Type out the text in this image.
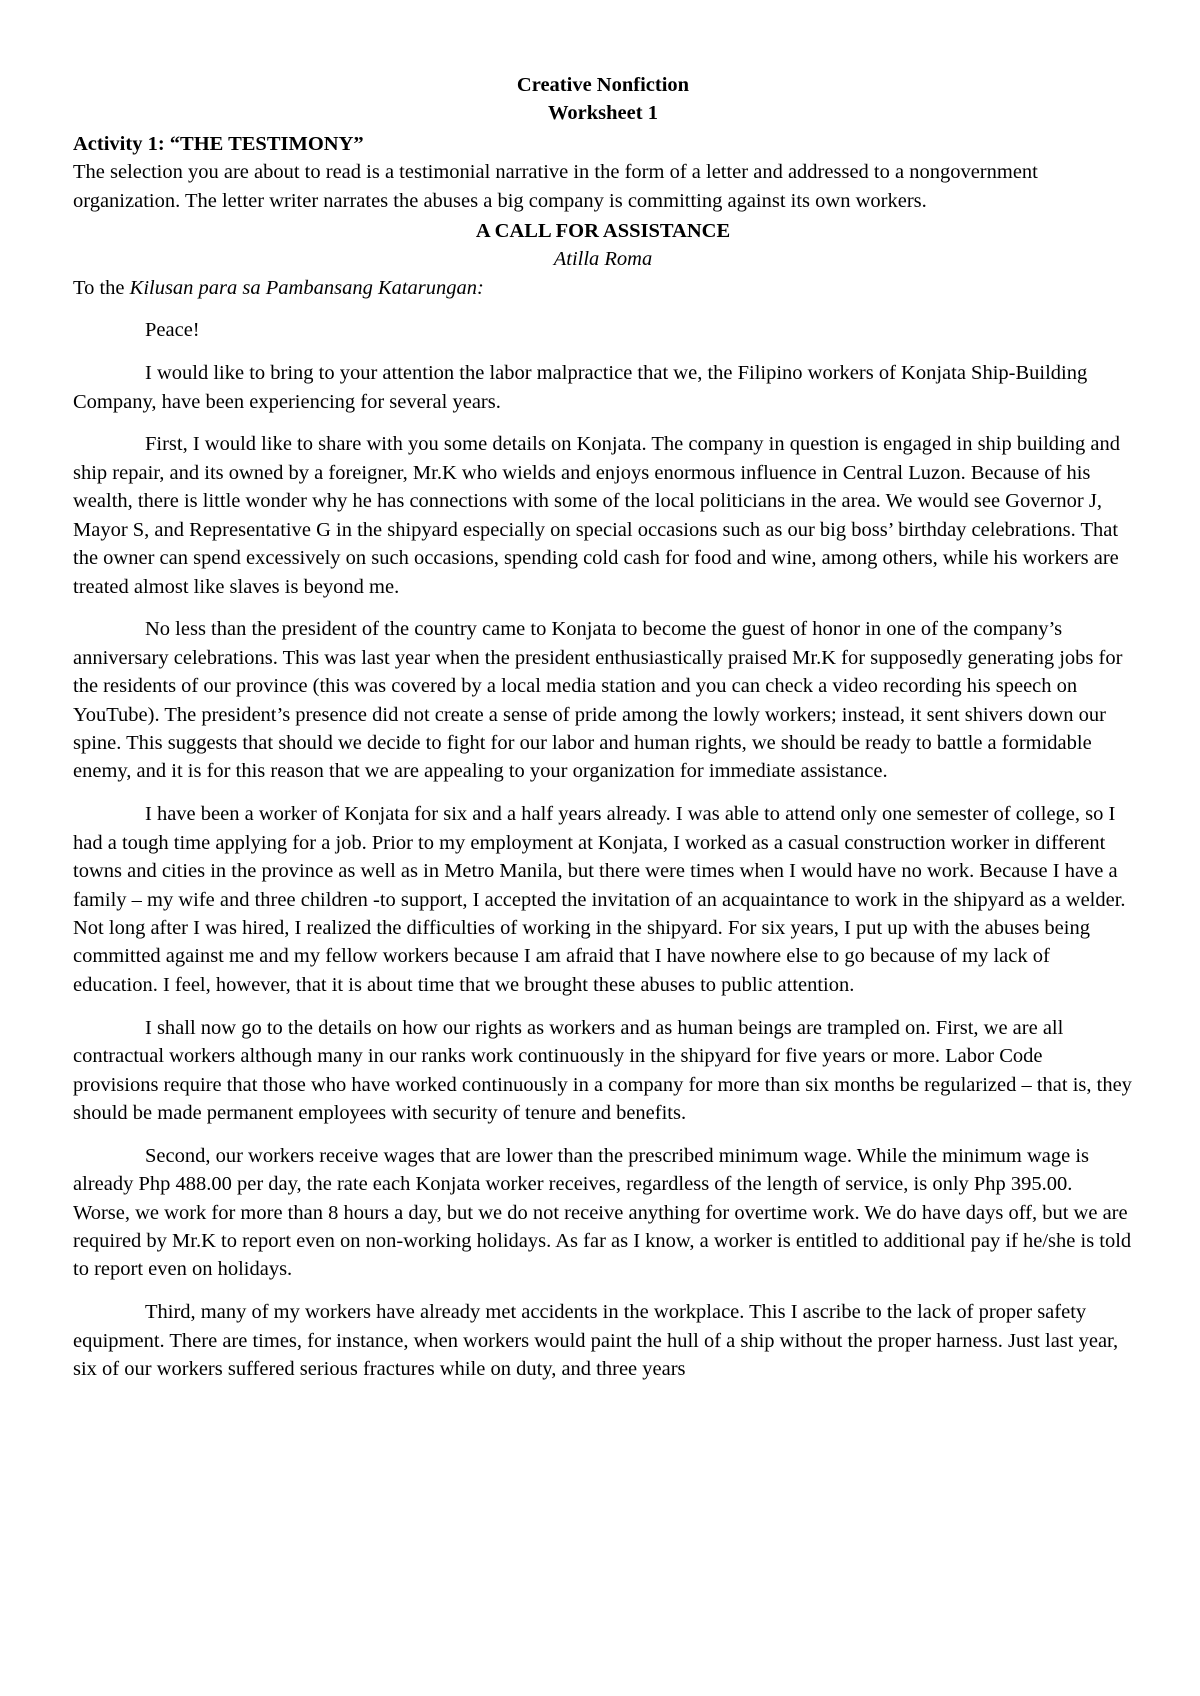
Creative Nonfiction
Worksheet 1
Activity 1: “THE TESTIMONY”

The selection you are about to read is a testimonial narrative in the form of a letter and addressed to a nongovernment organization. The letter writer narrates the abuses a big company is committing against its own workers.

A CALL FOR ASSISTANCE
Atilla Roma

To the Kilusan para sa Pambansang Katarungan:

Peace!

I would like to bring to your attention the labor malpractice that we, the Filipino workers of Konjata Ship-Building Company, have been experiencing for several years.

First, I would like to share with you some details on Konjata. The company in question is engaged in ship building and ship repair, and its owned by a foreigner, Mr.K who wields and enjoys enormous influence in Central Luzon. Because of his wealth, there is little wonder why he has connections with some of the local politicians in the area. We would see Governor J, Mayor S, and Representative G in the shipyard especially on special occasions such as our big boss’ birthday celebrations. That the owner can spend excessively on such occasions, spending cold cash for food and wine, among others, while his workers are treated almost like slaves is beyond me.

No less than the president of the country came to Konjata to become the guest of honor in one of the company’s anniversary celebrations. This was last year when the president enthusiastically praised Mr.K for supposedly generating jobs for the residents of our province (this was covered by a local media station and you can check a video recording his speech on YouTube). The president’s presence did not create a sense of pride among the lowly workers; instead, it sent shivers down our spine. This suggests that should we decide to fight for our labor and human rights, we should be ready to battle a formidable enemy, and it is for this reason that we are appealing to your organization for immediate assistance.

I have been a worker of Konjata for six and a half years already. I was able to attend only one semester of college, so I had a tough time applying for a job. Prior to my employment at Konjata, I worked as a casual construction worker in different towns and cities in the province as well as in Metro Manila, but there were times when I would have no work. Because I have a family – my wife and three children -to support, I accepted the invitation of an acquaintance to work in the shipyard as a welder. Not long after I was hired, I realized the difficulties of working in the shipyard. For six years, I put up with the abuses being committed against me and my fellow workers because I am afraid that I have nowhere else to go because of my lack of education. I feel, however, that it is about time that we brought these abuses to public attention.

I shall now go to the details on how our rights as workers and as human beings are trampled on. First, we are all contractual workers although many in our ranks work continuously in the shipyard for five years or more. Labor Code provisions require that those who have worked continuously in a company for more than six months be regularized – that is, they should be made permanent employees with security of tenure and benefits.

Second, our workers receive wages that are lower than the prescribed minimum wage. While the minimum wage is already Php 488.00 per day, the rate each Konjata worker receives, regardless of the length of service, is only Php 395.00. Worse, we work for more than 8 hours a day, but we do not receive anything for overtime work. We do have days off, but we are required by Mr.K to report even on non-working holidays. As far as I know, a worker is entitled to additional pay if he/she is told to report even on holidays.

Third, many of my workers have already met accidents in the workplace. This I ascribe to the lack of proper safety equipment. There are times, for instance, when workers would paint the hull of a ship without the proper harness. Just last year, six of our workers suffered serious fractures while on duty, and three years
